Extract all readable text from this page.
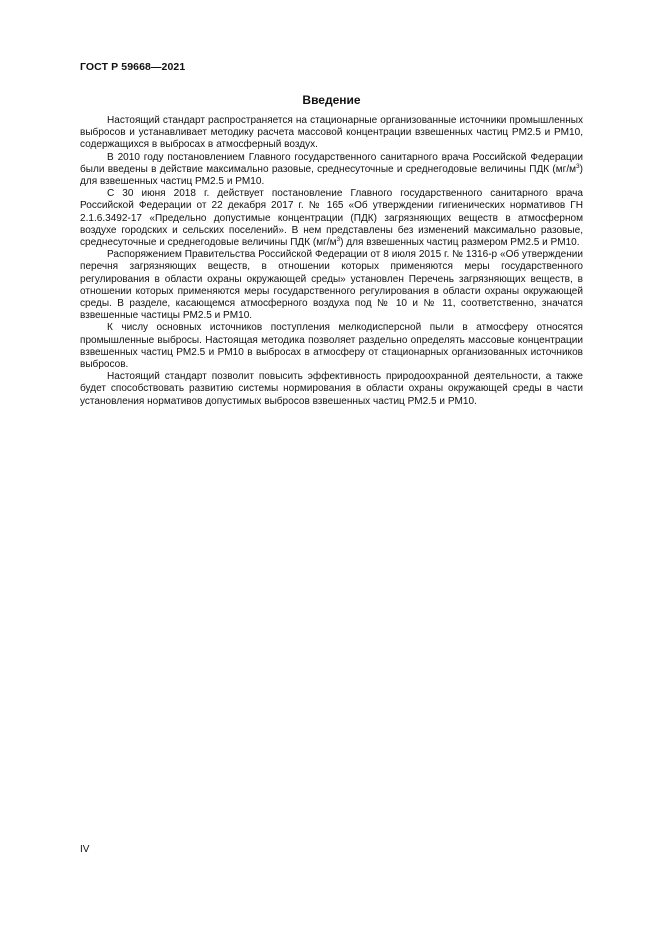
ГОСТ Р 59668—2021
Введение

Настоящий стандарт распространяется на стационарные организованные источники промышленных выбросов и устанавливает методику расчета массовой концентрации взвешенных частиц PM2.5 и PM10, содержащихся в выбросах в атмосферный воздух.

В 2010 году постановлением Главного государственного санитарного врача Российской Федерации были введены в действие максимально разовые, среднесуточные и среднегодовые величины ПДК $(мг/м^3)$ для взвешенных частиц PM2.5 и PM10.

С 30 июня 2018 г. действует постановление Главного государственного санитарного врача Российской Федерации от 22 декабря 2017 г. № 165 «Об утверждении гигиенических нормативов ГН 2.1.6.3492-17 «Предельно допустимые концентрации (ПДК) загрязняющих веществ в атмосферном воздухе городских и сельских поселений». В нем представлены без изменений максимально разовые, среднесуточные и среднегодовые величины ПДК $(мг/м^3)$ для взвешенных частиц размером PM2.5 и PM10.

Распоряжением Правительства Российской Федерации от 8 июля 2015 г. № 1316-р «Об утверждении перечня загрязняющих веществ, в отношении которых применяются меры государственного регулирования в области охраны окружающей среды» установлен Перечень загрязняющих веществ, в отношении которых применяются меры государственного регулирования в области охраны окружающей среды. В разделе, касающемся атмосферного воздуха под № 10 и № 11, соответственно, значатся взвешенные частицы PM2.5 и PM10.

К числу основных источников поступления мелкодисперсной пыли в атмосферу относятся промышленные выбросы. Настоящая методика позволяет раздельно определять массовые концентрации взвешенных частиц PM2.5 и PM10 в выбросах в атмосферу от стационарных организованных источников выбросов.

Настоящий стандарт позволит повысить эффективность природоохранной деятельности, а также будет способствовать развитию системы нормирования в области охраны окружающей среды в части установления нормативов допустимых выбросов взвешенных частиц PM2.5 и PM10.

IV
